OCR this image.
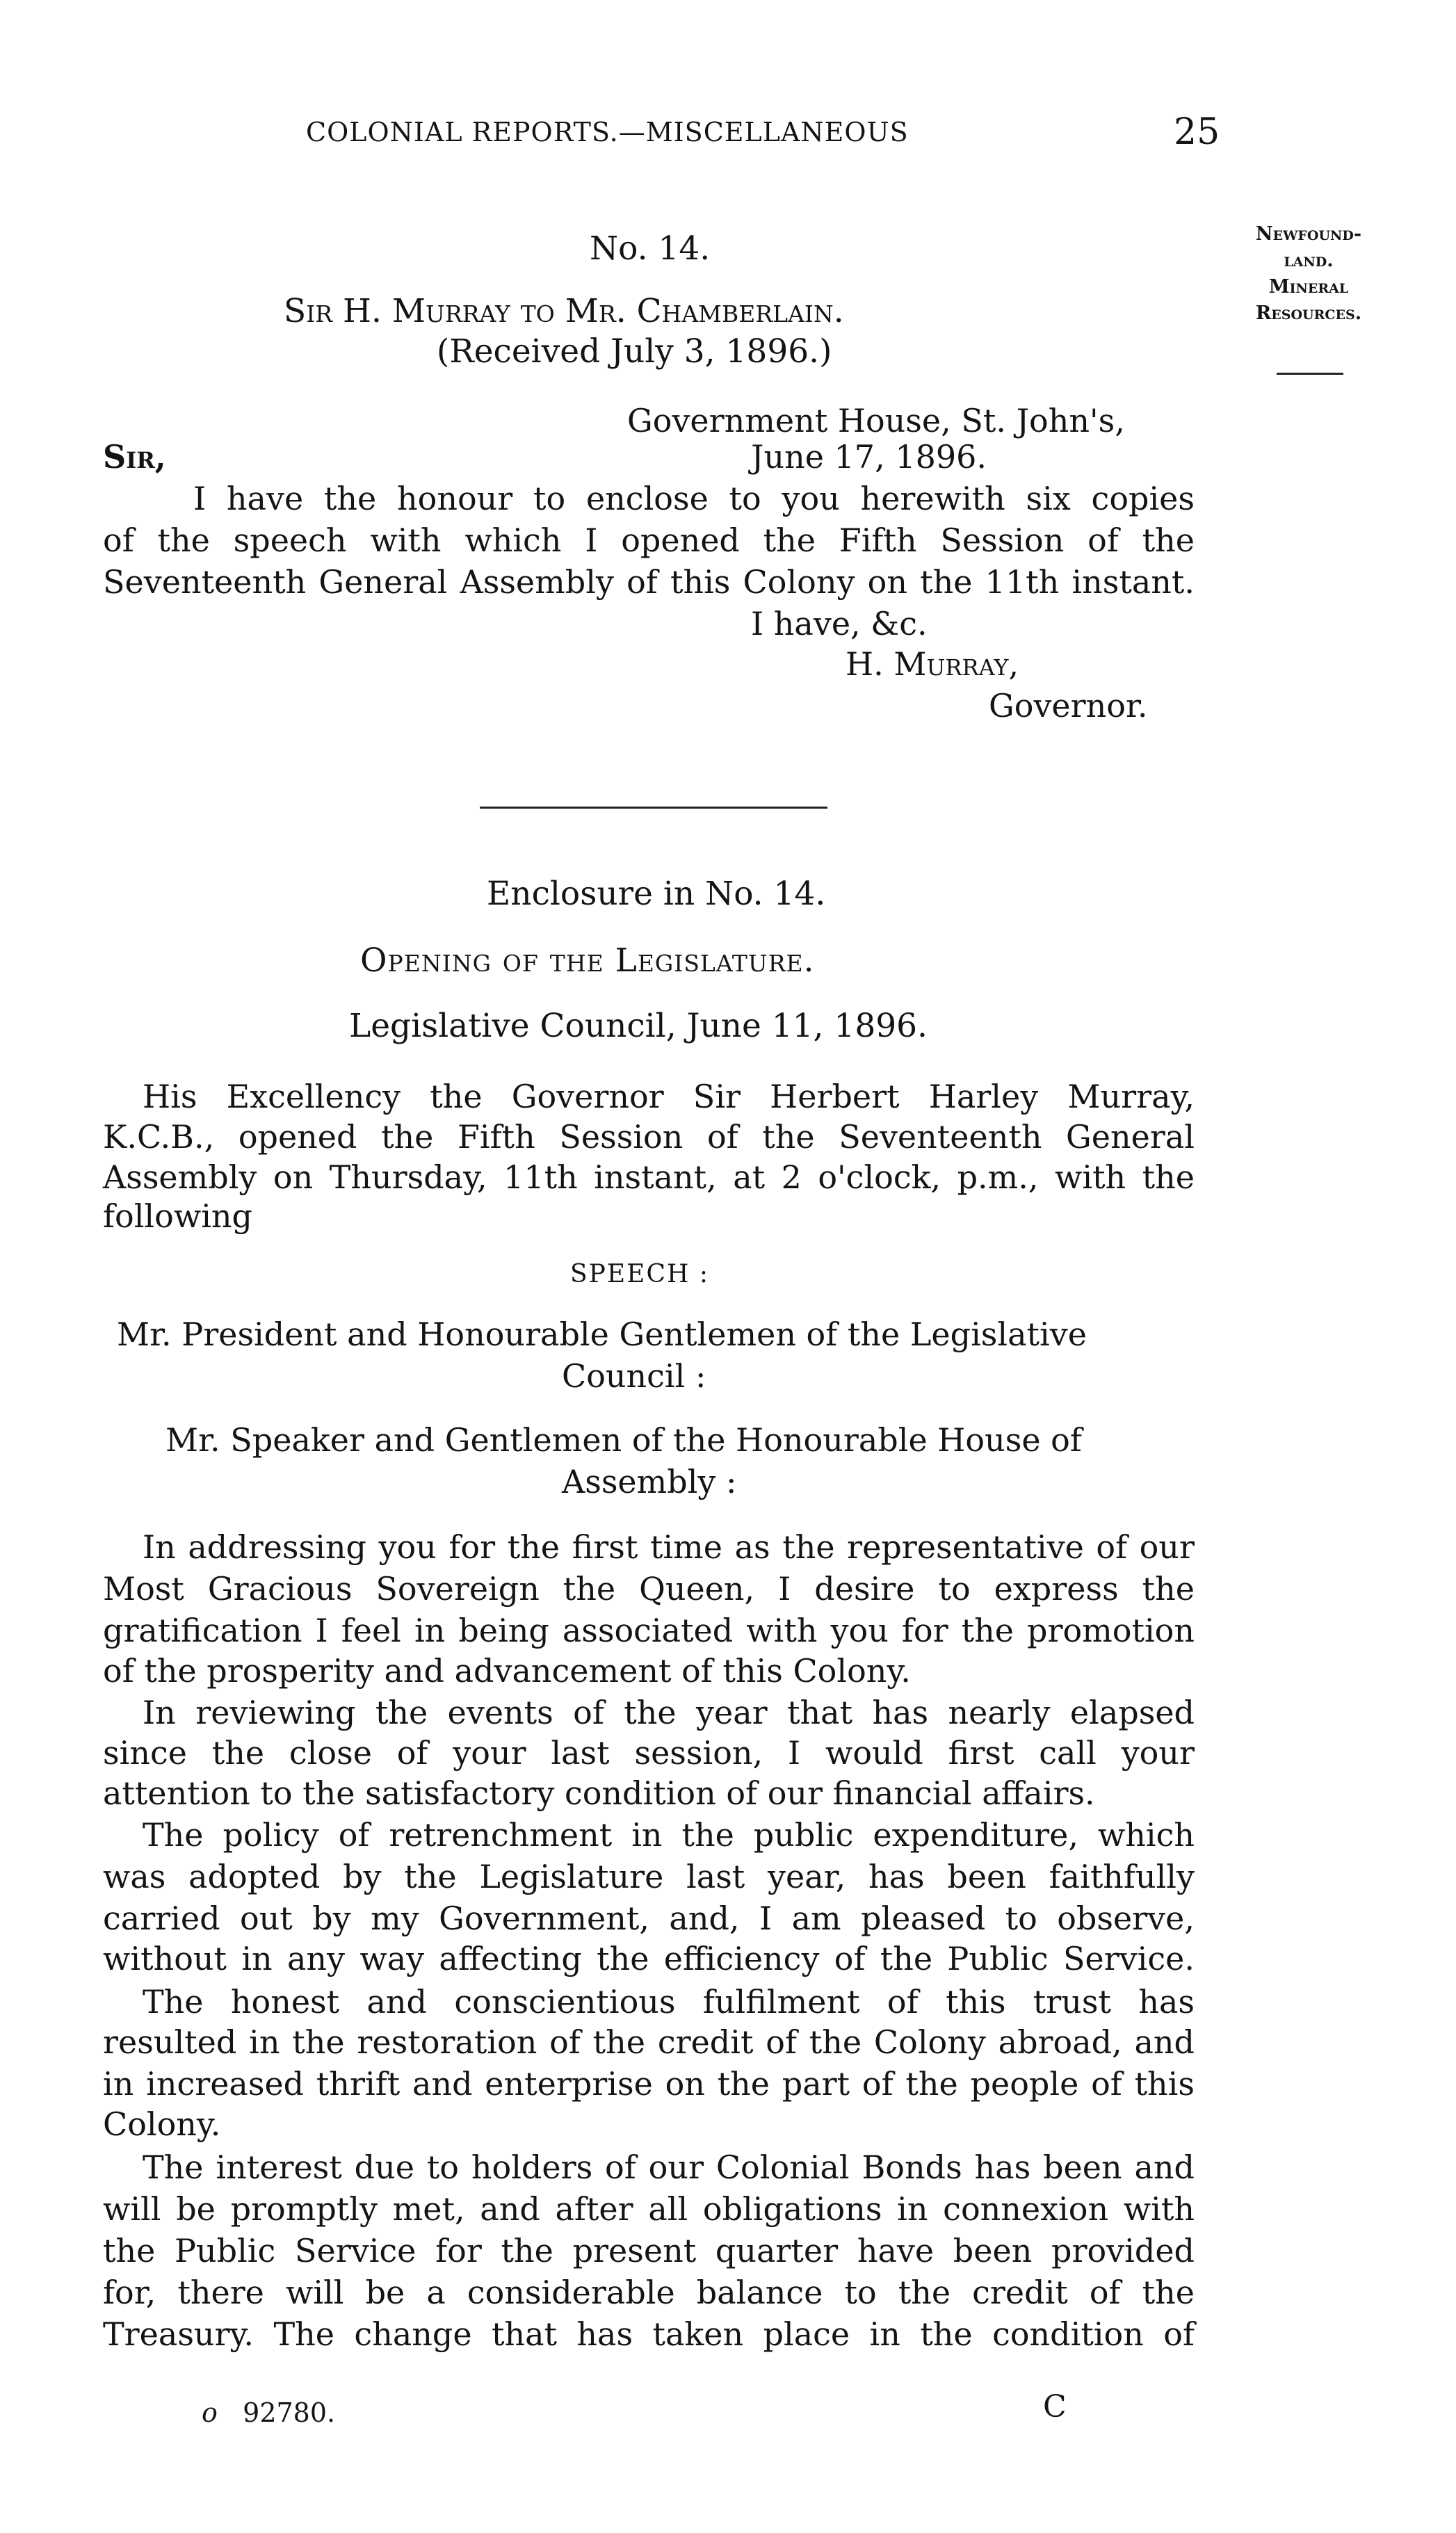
COLONIAL REPORTS.—MISCELLANEOUS	25
Newfound-
land.
Mineral
Resources.
No. 14.
Sir H. Murray to Mr. Chamberlain.
(Received July 3, 1896.)
Government House, St. John's,
Sir,	June 17, 1896.
I have the honour to enclose to you herewith six copies
of the speech with which I opened the Fifth Session of the
Seventeenth General Assembly of this Colony on the 11th instant.
I have, &c.
H. Murray,
Governor.
Enclosure in No. 14.
Opening of the Legislature.
Legislative Council, June 11, 1896.
His Excellency the Governor Sir Herbert Harley Murray,
K.C.B., opened the Fifth Session of the Seventeenth General
Assembly on Thursday, 11th instant, at 2 o'clock, p.m., with the
following
SPEECH :
Mr. President and Honourable Gentlemen of the Legislative
Council :
Mr. Speaker and Gentlemen of the Honourable House of
Assembly :
In addressing you for the first time as the representative of our
Most Gracious Sovereign the Queen, I desire to express the
gratification I feel in being associated with you for the promotion
of the prosperity and advancement of this Colony.
In reviewing the events of the year that has nearly elapsed
since the close of your last session, I would first call your
attention to the satisfactory condition of our financial affairs.
The policy of retrenchment in the public expenditure, which
was adopted by the Legislature last year, has been faithfully
carried out by my Government, and, I am pleased to observe,
without in any way affecting the efficiency of the Public Service.
The honest and conscientious fulfilment of this trust has
resulted in the restoration of the credit of the Colony abroad, and
in increased thrift and enterprise on the part of the people of this
Colony.
The interest due to holders of our Colonial Bonds has been and
will be promptly met, and after all obligations in connexion with
the Public Service for the present quarter have been provided
for, there will be a considerable balance to the credit of the
Treasury. The change that has taken place in the condition of
o 92780.	C
